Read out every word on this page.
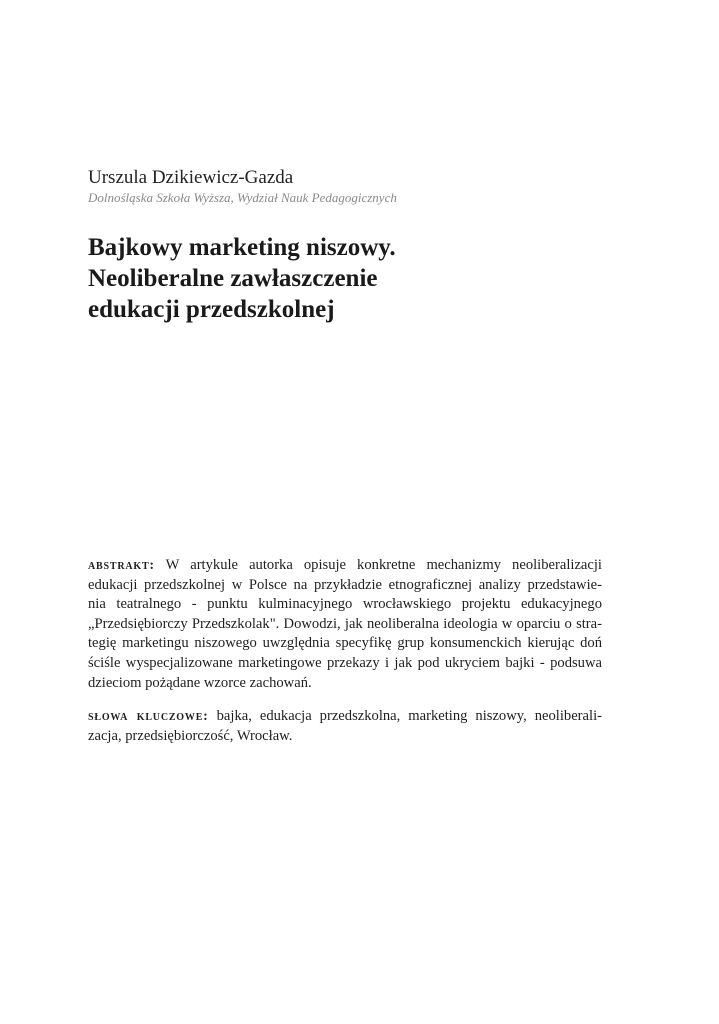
Urszula Dzikiewicz-Gazda
Dolnośląska Szkoła Wyższa, Wydział Nauk Pedagogicznych
Bajkowy marketing niszowy.
Neoliberalne zawłaszczenie
edukacji przedszkolnej
abstrakt: W artykule autorka opisuje konkretne mechanizmy neoliberalizacji
edukacji przedszkolnej w Polsce na przykładzie etnograficznej analizy przedstawie-
nia teatralnego - punktu kulminacyjnego wrocławskiego projektu edukacyjnego
„Przedsiębiorczy Przedszkolak". Dowodzi, jak neoliberalna ideologia w oparciu o stra-
tegię marketingu niszowego uwzględnia specyfikę grup konsumenckich kierując doń
ściśle wyspecjalizowane marketingowe przekazy i jak pod ukryciem bajki - podsuwa
dzieciom pożądane wzorce zachowań.
słowa kluczowe: bajka, edukacja przedszkolna, marketing niszowy, neoliberali-
zacja, przedsiębiorczość, Wrocław.
